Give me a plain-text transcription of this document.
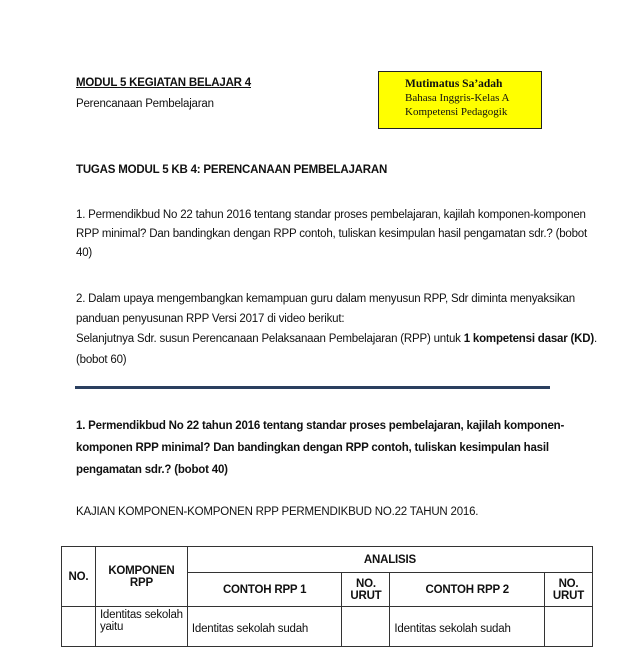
MODUL 5 KEGIATAN BELAJAR 4
Perencanaan Pembelajaran
Mutimatus Sa’adah
Bahasa Inggris-Kelas A
Kompetensi Pedagogik
TUGAS MODUL 5 KB 4: PERENCANAAN PEMBELAJARAN
1. Permendikbud No 22 tahun 2016 tentang standar proses pembelajaran, kajilah komponen-komponen
RPP minimal? Dan bandingkan dengan RPP contoh, tuliskan kesimpulan hasil pengamatan sdr.? (bobot
40)
2. Dalam upaya mengembangkan kemampuan guru dalam menyusun RPP, Sdr diminta menyaksikan
panduan penyusunan RPP Versi 2017 di video berikut:
Selanjutnya Sdr. susun Perencanaan Pelaksanaan Pembelajaran (RPP) untuk 1 kompetensi dasar (KD).
(bobot 60)
1. Permendikbud No 22 tahun 2016 tentang standar proses pembelajaran, kajilah komponen-
komponen RPP minimal? Dan bandingkan dengan RPP contoh, tuliskan kesimpulan hasil
pengamatan sdr.? (bobot 40)
KAJIAN KOMPONEN-KOMPONEN RPP PERMENDIKBUD NO.22 TAHUN 2016.
NO.	KOMPONEN RPP	ANALISIS			
		CONTOH RPP 1	NO. URUT	CONTOH RPP 2	NO. URUT
	Identitas sekolah yaitu	Identitas sekolah sudah		Identitas sekolah sudah	
